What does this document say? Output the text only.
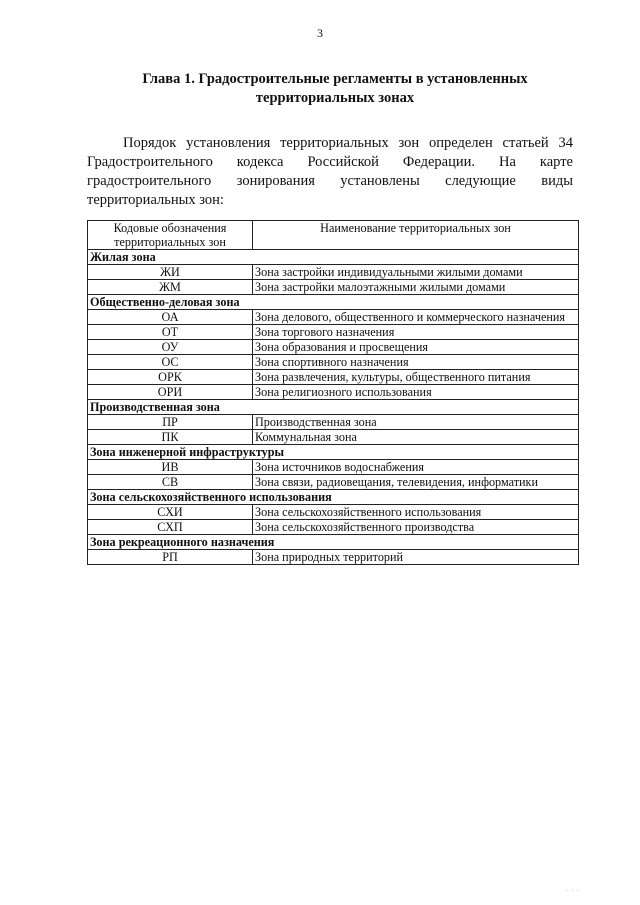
3
Глава 1. Градостроительные регламенты в установленных территориальных зонах

Порядок установления территориальных зон определен статьей 34 Градостроительного кодекса Российской Федерации. На карте градостроительного зонирования установлены следующие виды территориальных зон:

Кодовые обозначения территориальных зон	Наименование территориальных зон
Жилая зона	
ЖИ	Зона застройки индивидуальными жилыми домами
ЖМ	Зона застройки малоэтажными жилыми домами
Общественно-деловая зона	
ОА	Зона делового, общественного и коммерческого назначения
ОТ	Зона торгового назначения
ОУ	Зона образования и просвещения
ОС	Зона спортивного назначения
ОРК	Зона развлечения, культуры, общественного питания
ОРИ	Зона религиозного использования
Производственная зона	
ПР	Производственная зона
ПК	Коммунальная зона
Зона инженерной инфраструктуры	
ИВ	Зона источников водоснабжения
СВ	Зона связи, радиовещания, телевидения, информатики
Зона сельскохозяйственного использования	
СХИ	Зона сельскохозяйственного использования
СХП	Зона сельскохозяйственного производства
Зона рекреационного назначения	
РП	Зона природных территорий
· · ·
